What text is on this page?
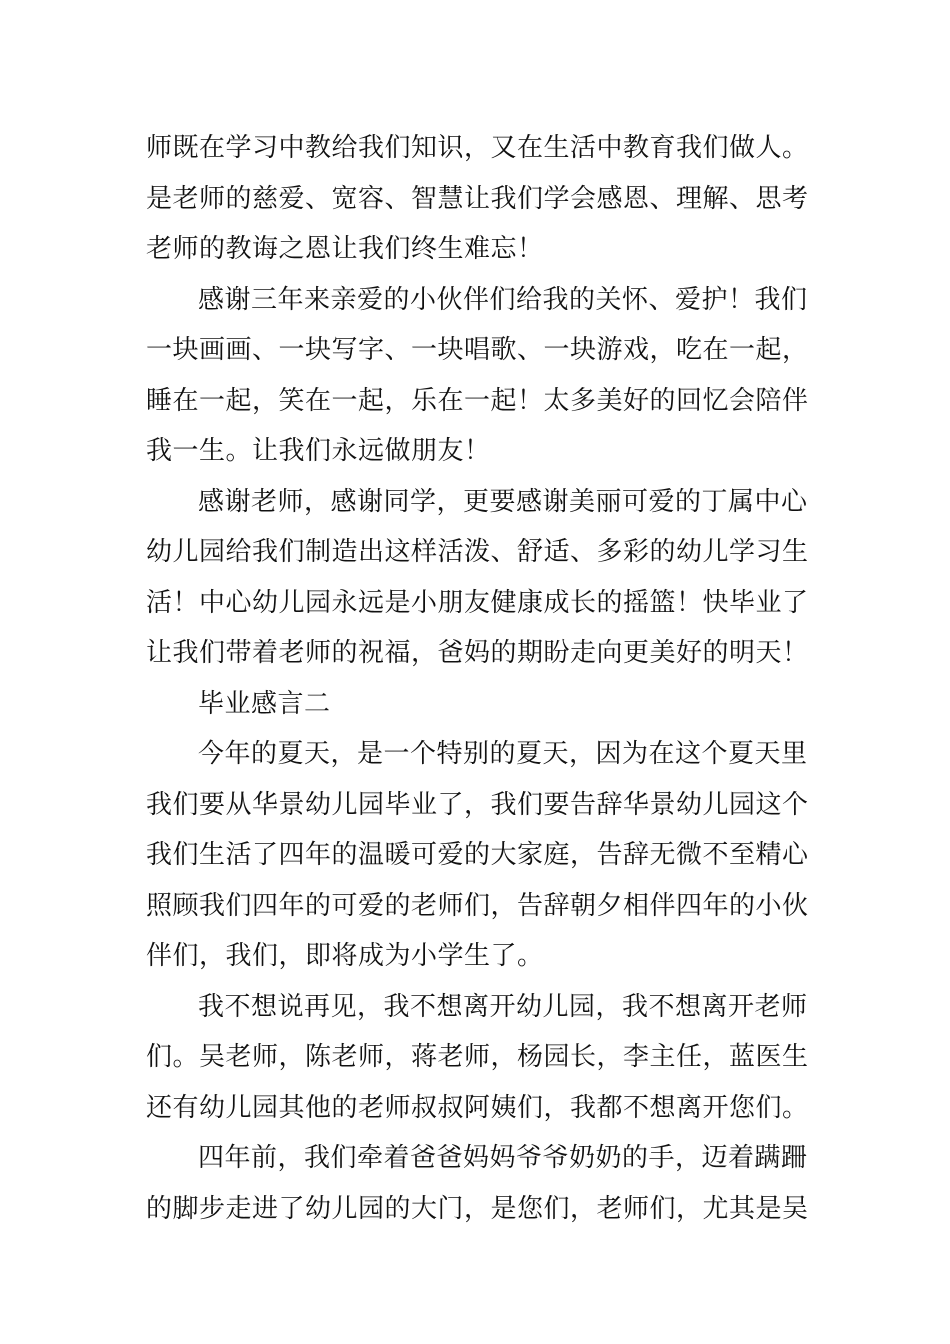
师既在学习中教给我们知识，又在生活中教育我们做人。
是老师的慈爱、宽容、智慧让我们学会感恩、理解、思考
老师的教诲之恩让我们终生难忘！
感谢三年来亲爱的小伙伴们给我的关怀、爱护！我们
一块画画、一块写字、一块唱歌、一块游戏，吃在一起，
睡在一起，笑在一起，乐在一起！太多美好的回忆会陪伴
我一生。让我们永远做朋友！
感谢老师，感谢同学，更要感谢美丽可爱的丁属中心
幼儿园给我们制造出这样活泼、舒适、多彩的幼儿学习生
活！中心幼儿园永远是小朋友健康成长的摇篮！快毕业了
让我们带着老师的祝福，爸妈的期盼走向更美好的明天！
毕业感言二
今年的夏天，是一个特别的夏天，因为在这个夏天里
我们要从华景幼儿园毕业了，我们要告辞华景幼儿园这个
我们生活了四年的温暖可爱的大家庭，告辞无微不至精心
照顾我们四年的可爱的老师们，告辞朝夕相伴四年的小伙
伴们，我们，即将成为小学生了。
我不想说再见，我不想离开幼儿园，我不想离开老师
们。吴老师，陈老师，蒋老师，杨园长，李主任，蓝医生
还有幼儿园其他的老师叔叔阿姨们，我都不想离开您们。
四年前，我们牵着爸爸妈妈爷爷奶奶的手，迈着蹒跚
的脚步走进了幼儿园的大门，是您们，老师们，尤其是吴
